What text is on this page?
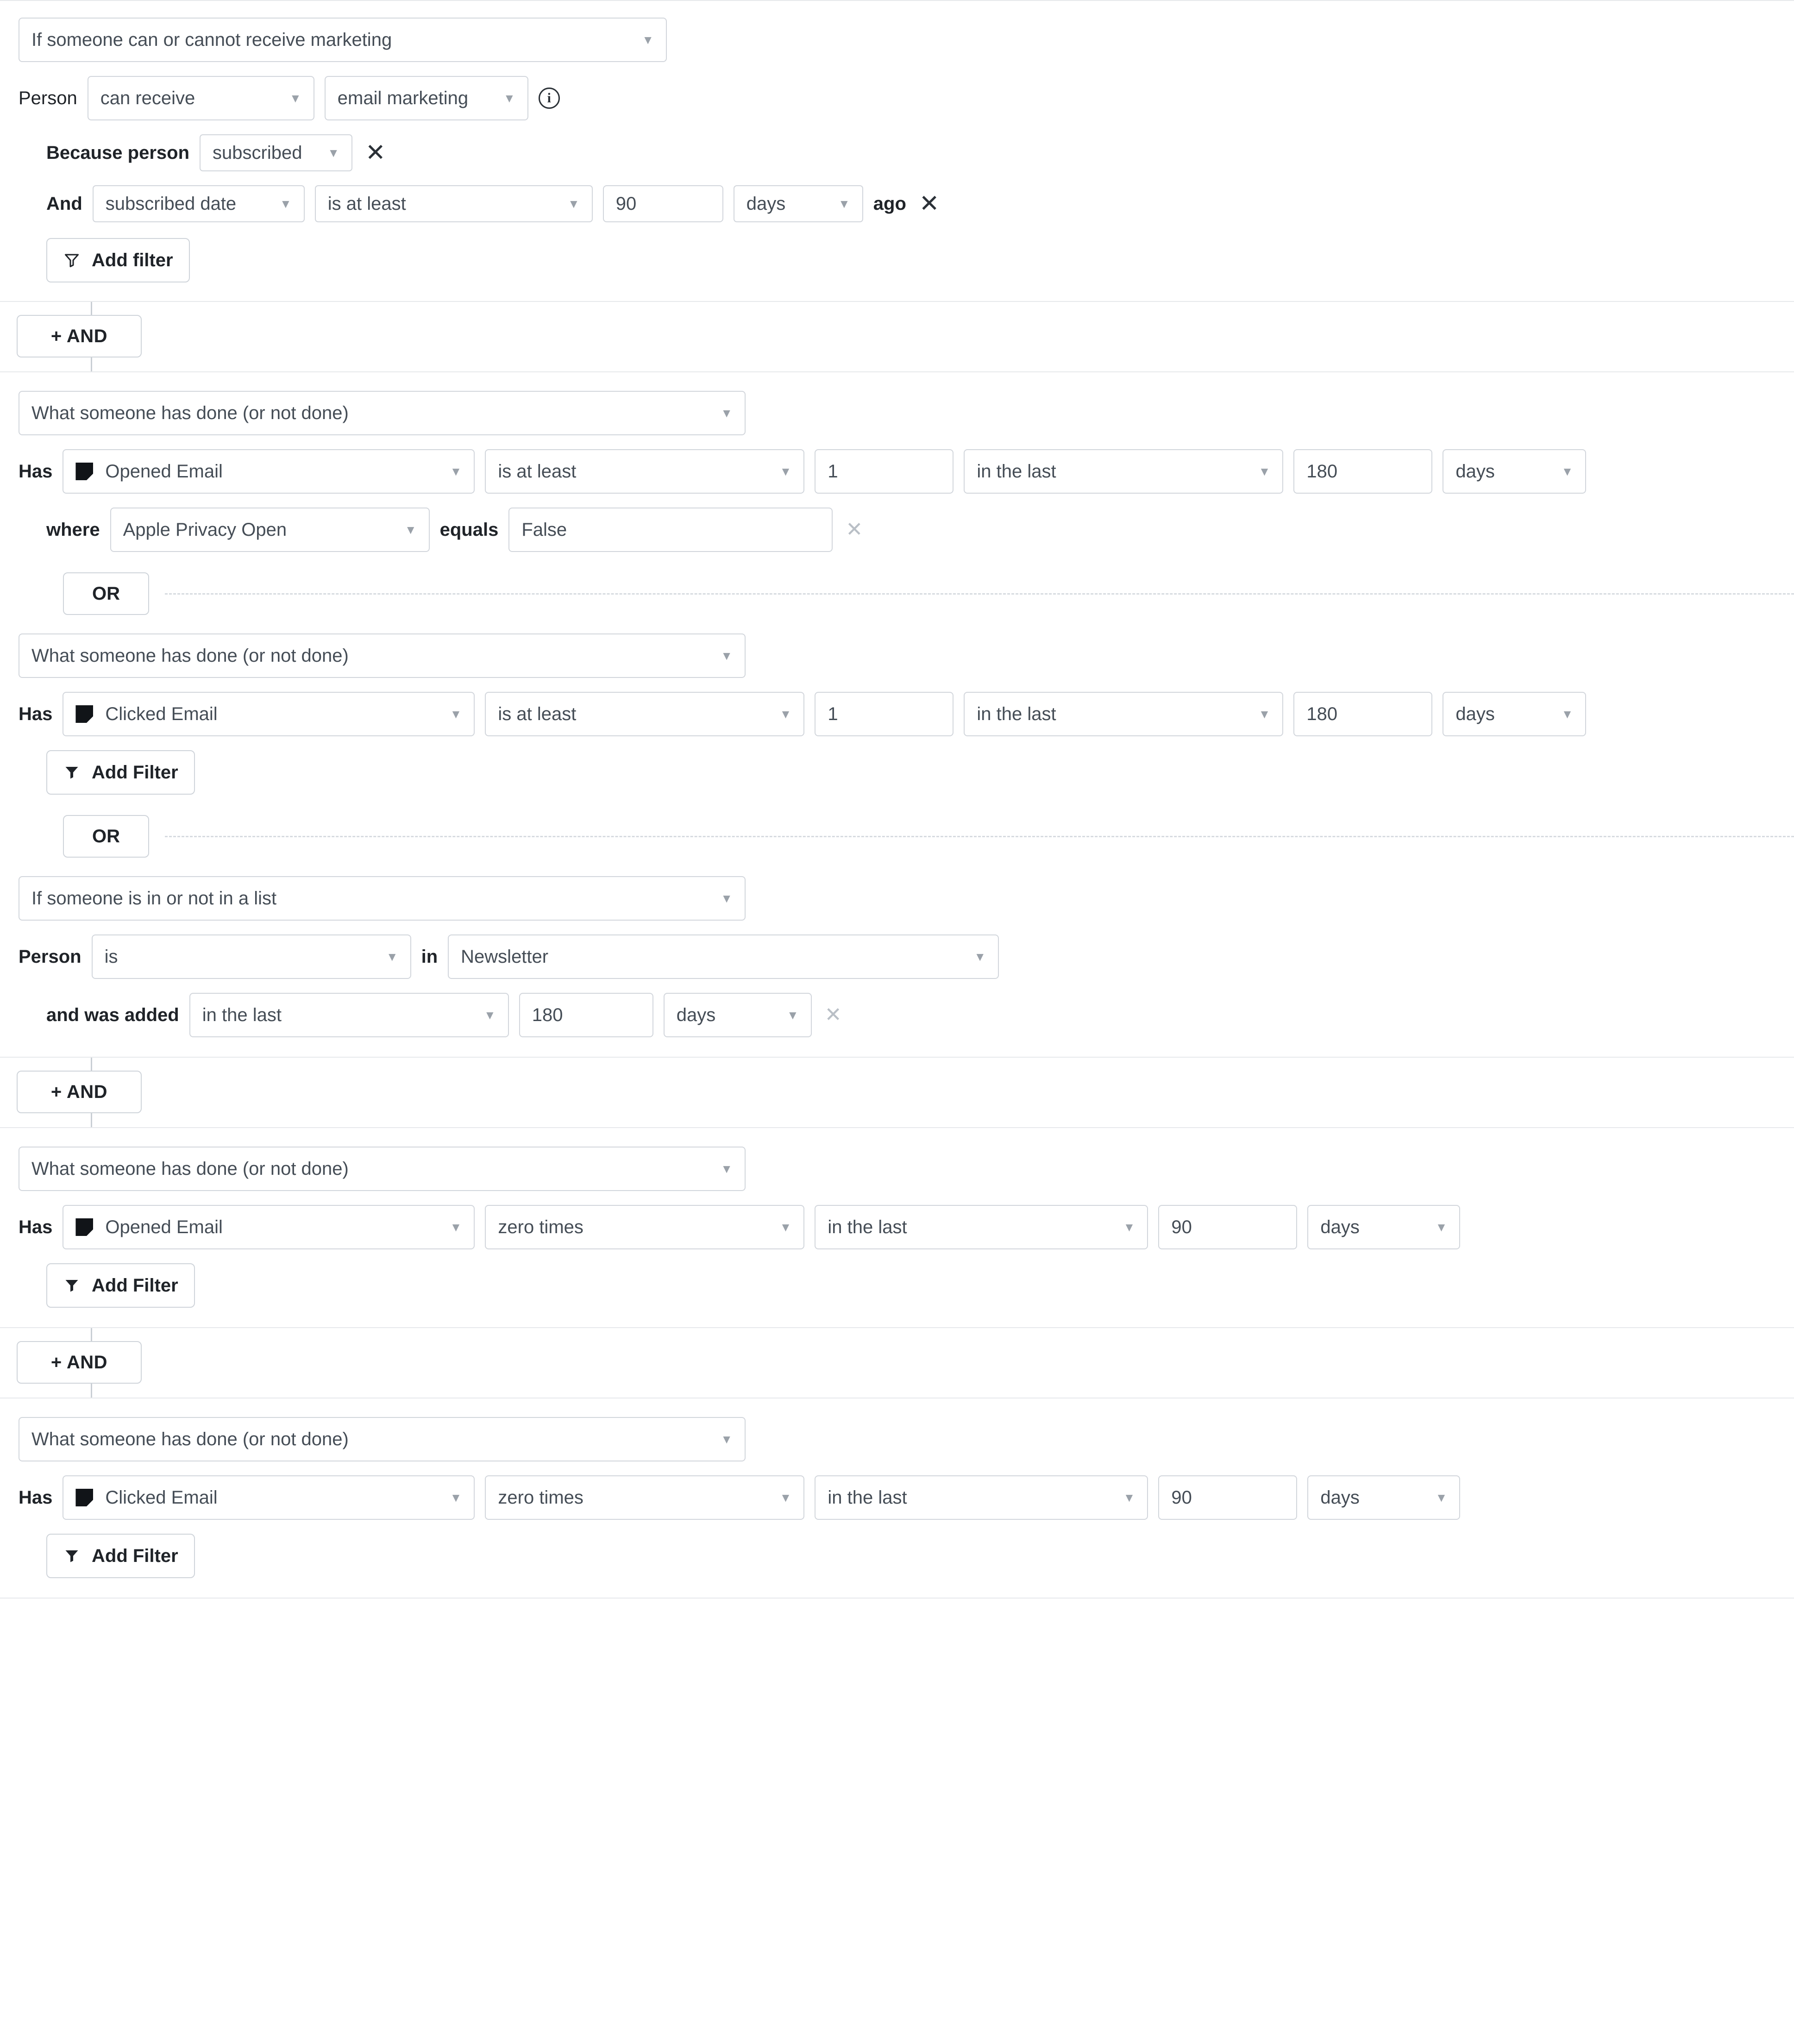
If someone can or cannot receive marketing	▼
Person can receive	▼ email marketing	▼	i
Because person subscribed	▼ ✕
And subscribed date	▼ is at least	▼ 90	days	▼ ago ✕
Add filter
+ AND
What someone has done (or not done)	▼
Has	Opened Email	▼ is at least	▼ 1	in the last	▼ 180	days	▼
where Apple Privacy Open	▼ equals False	✕
OR
What someone has done (or not done)	▼
Has	Clicked Email	▼ is at least	▼ 1	in the last	▼ 180	days	▼
Add Filter
OR
If someone is in or not in a list	▼
Person is	▼ in Newsletter	▼
and was added in the last	▼ 180	days	▼ ✕
+ AND
What someone has done (or not done)	▼
Has	Opened Email	▼ zero times	▼ in the last	▼ 90	days	▼
Add Filter
+ AND
What someone has done (or not done)	▼
Has	Clicked Email	▼ zero times	▼ in the last	▼ 90	days	▼
Add Filter
